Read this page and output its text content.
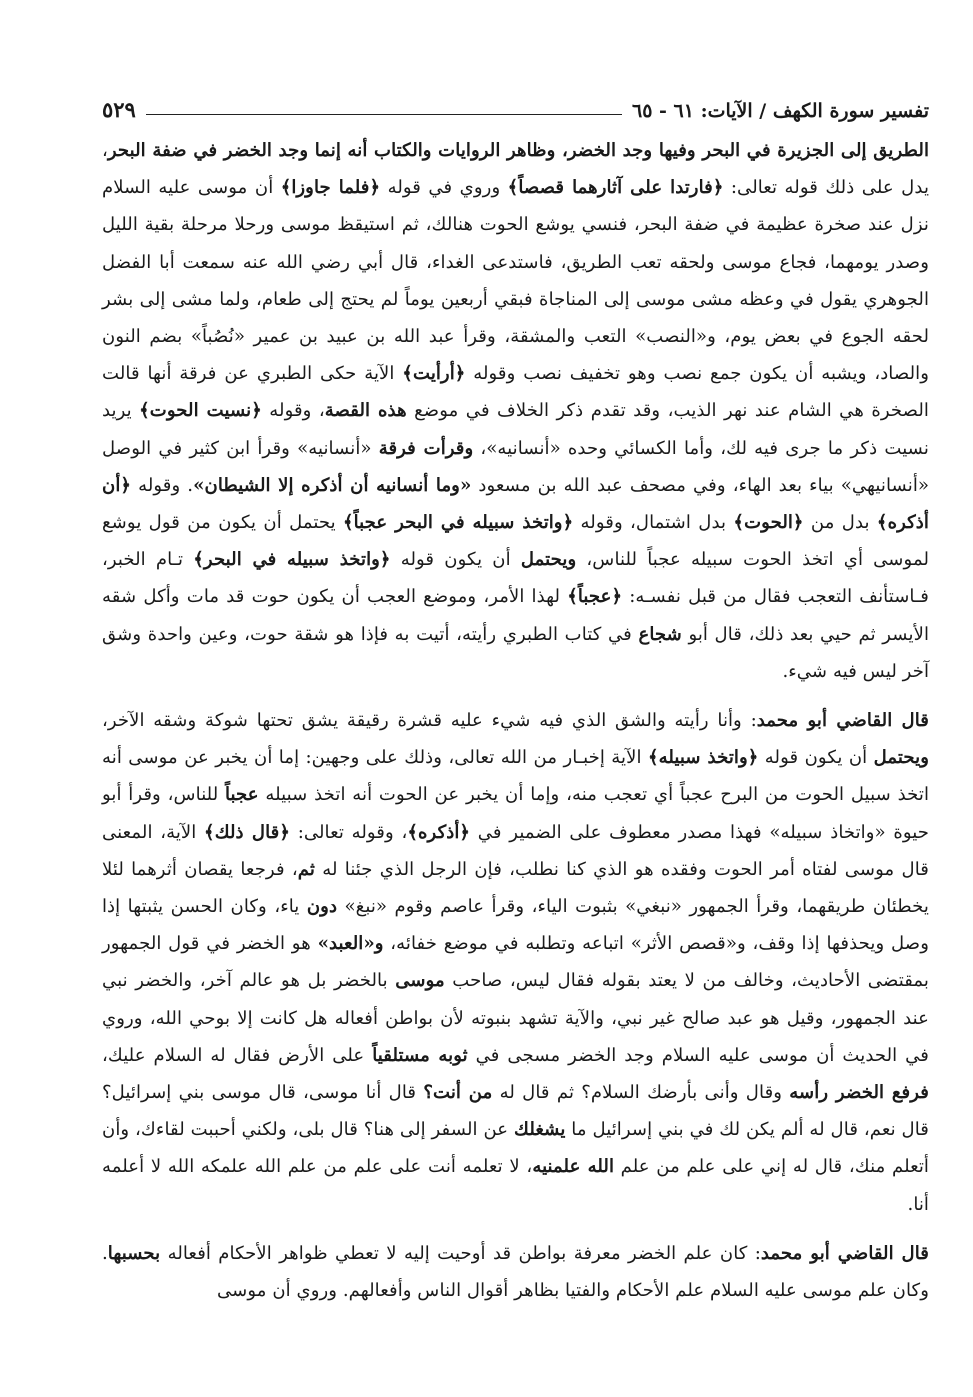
تفسير سورة الكهف / الآيات: ٦١ - ٦٥
٥٢٩

الطريق إلى الجزيرة في البحر وفيها وجد الخضر، وظاهر الروايات والكتاب أنه إنما وجد الخضر في ضفة البحر، يدل على ذلك قوله تعالى: ﴿فارتدا على آثارهما قصصاً﴾ وروي في قوله ﴿فلما جاوزا﴾ أن موسى عليه السلام نزل عند صخرة عظيمة في ضفة البحر، فنسي يوشع الحوت هنالك، ثم استيقظ موسى ورحلا مرحلة بقية الليل وصدر يومهما، فجاع موسى ولحقه تعب الطريق، فاستدعى الغداء، قال أبي رضي الله عنه سمعت أبا الفضل الجوهري يقول في وعظه مشى موسى إلى المناجاة فبقي أربعين يوماً لم يحتج إلى طعام، ولما مشى إلى بشر لحقه الجوع في بعض يوم، و«النصب» التعب والمشقة، وقرأ عبد الله بن عبيد بن عمير «نُصُباً» بضم النون والصاد، ويشبه أن يكون جمع نصب وهو تخفيف نصب وقوله ﴿أرأيت﴾ الآية حكى الطبري عن فرقة أنها قالت الصخرة هي الشام عند نهر الذيب، وقد تقدم ذكر الخلاف في موضع هذه القصة، وقوله ﴿نسيت الحوت﴾ يريد نسيت ذكر ما جرى فيه لك، وأما الكسائي وحده «أنسانيه»، وقرأت فرقة «أنسانيه» وقرأ ابن كثير في الوصل «أنسانيهي» بياء بعد الهاء، وفي مصحف عبد الله بن مسعود «وما أنسانيه أن أذكره إلا الشيطان». وقوله ﴿أن أذكره﴾ بدل من ﴿الحوت﴾ بدل اشتمال، وقوله ﴿واتخذ سبيله في البحر عجباً﴾ يحتمل أن يكون من قول يوشع لموسى أي اتخذ الحوت سبيله عجباً للناس، ويحتمل أن يكون قوله ﴿واتخذ سبيله في البحر﴾ تـام الخبر، فـاستأنف التعجب فقال من قبل نفسـه: ﴿عجباً﴾ لهذا الأمر، وموضع العجب أن يكون حوت قد مات وأكل شقه الأيسر ثم حيي بعد ذلك، قال أبو شجاع في كتاب الطبري رأيته، أتيت به فإذا هو شقة حوت، وعين واحدة وشق آخر ليس فيه شيء.

قال القاضي أبو محمد: وأنا رأيته والشق الذي فيه شيء عليه قشرة رقيقة يشق تحتها شوكة وشقه الآخر، ويحتمل أن يكون قوله ﴿واتخذ سبيله﴾ الآية إخبـار من الله تعالى، وذلك على وجهين: إما أن يخبر عن موسى أنه اتخذ سبيل الحوت من البرح عجباً أي تعجب منه، وإما أن يخبر عن الحوت أنه اتخذ سبيله عجباً للناس، وقرأ أبو حيوة «واتخاذ سبيله» فهذا مصدر معطوف على الضمير في ﴿أذكره﴾، وقوله تعالى: ﴿قال ذلك﴾ الآية، المعنى قال موسى لفتاه أمر الحوت وفقده هو الذي كنا نطلب، فإن الرجل الذي جئنا له ثم، فرجعا يقصان أثرهما لئلا يخطئان طريقهما، وقرأ الجمهور «نبغي» بثبوت الياء، وقرأ عاصم وقوم «نبغ» دون ياء، وكان الحسن يثبتها إذا وصل ويحذفها إذا وقف، و«قصص الأثر» اتباعه وتطلبه في موضع خفائه، و«العبد» هو الخضر في قول الجمهور بمقتضى الأحاديث، وخالف من لا يعتد بقوله فقال ليس، صاحب موسى بالخضر بل هو عالم آخر، والخضر نبي عند الجمهور، وقيل هو عبد صالح غير نبي، والآية تشهد بنبوته لأن بواطن أفعاله هل كانت إلا بوحي الله، وروي في الحديث أن موسى عليه السلام وجد الخضر مسجى في ثوبه مستلقياً على الأرض فقال له السلام عليك، فرفع الخضر رأسه وقال وأنى بأرضك السلام؟ ثم قال له من أنت؟ قال أنا موسى، قال موسى بني إسرائيل؟ قال نعم، قال له ألم يكن لك في بني إسرائيل ما يشغلك عن السفر إلى هنا؟ قال بلى، ولكني أحببت لقاءك، وأن أتعلم منك، قال له إني على علم من علم الله علمنيه، لا تعلمه أنت على علم من علم الله علمكه الله لا أعلمه أنا.

قال القاضي أبو محمد: كان علم الخضر معرفة بواطن قد أوحيت إليه لا تعطي ظواهر الأحكام أفعاله بحسبها. وكان علم موسى عليه السلام علم الأحكام والفتيا بظاهر أقوال الناس وأفعالهم. وروي أن موسى
